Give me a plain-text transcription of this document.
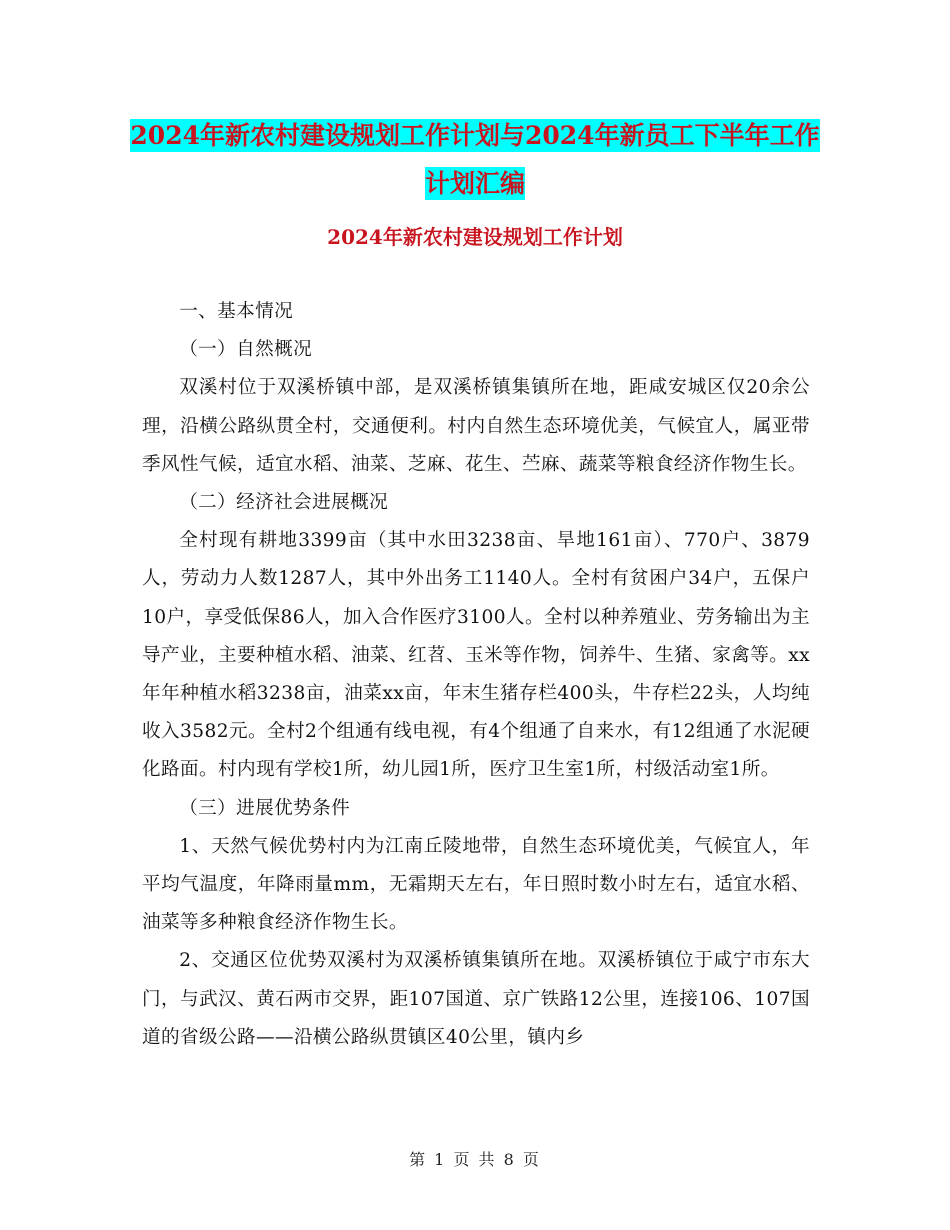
2024年新农村建设规划工作计划与2024年新员工下半年工作计划汇编
2024年新农村建设规划工作计划

一、基本情况

（一）自然概况

双溪村位于双溪桥镇中部，是双溪桥镇集镇所在地，距咸安城区仅20余公理，沿横公路纵贯全村，交通便利。村内自然生态环境优美，气候宜人，属亚带季风性气候，适宜水稻、油菜、芝麻、花生、苎麻、蔬菜等粮食经济作物生长。

（二）经济社会进展概况

全村现有耕地3399亩（其中水田3238亩、旱地161亩）、770户、3879人，劳动力人数1287人，其中外出务工1140人。全村有贫困户34户，五保户10户，享受低保86人，加入合作医疗3100人。全村以种养殖业、劳务输出为主导产业，主要种植水稻、油菜、红苕、玉米等作物，饲养牛、生猪、家禽等。xx年年种植水稻3238亩，油菜xx亩，年末生猪存栏400头，牛存栏22头，人均纯收入3582元。全村2个组通有线电视，有4个组通了自来水，有12组通了水泥硬化路面。村内现有学校1所，幼儿园1所，医疗卫生室1所，村级活动室1所。

（三）进展优势条件

1、天然气候优势村内为江南丘陵地带，自然生态环境优美，气候宜人，年平均气温度，年降雨量mm，无霜期天左右，年日照时数小时左右，适宜水稻、油菜等多种粮食经济作物生长。

2、交通区位优势双溪村为双溪桥镇集镇所在地。双溪桥镇位于咸宁市东大门，与武汉、黄石两市交界，距107国道、京广铁路12公里，连接106、107国道的省级公路——沿横公路纵贯镇区40公里，镇内乡

第 1 页 共 8 页
